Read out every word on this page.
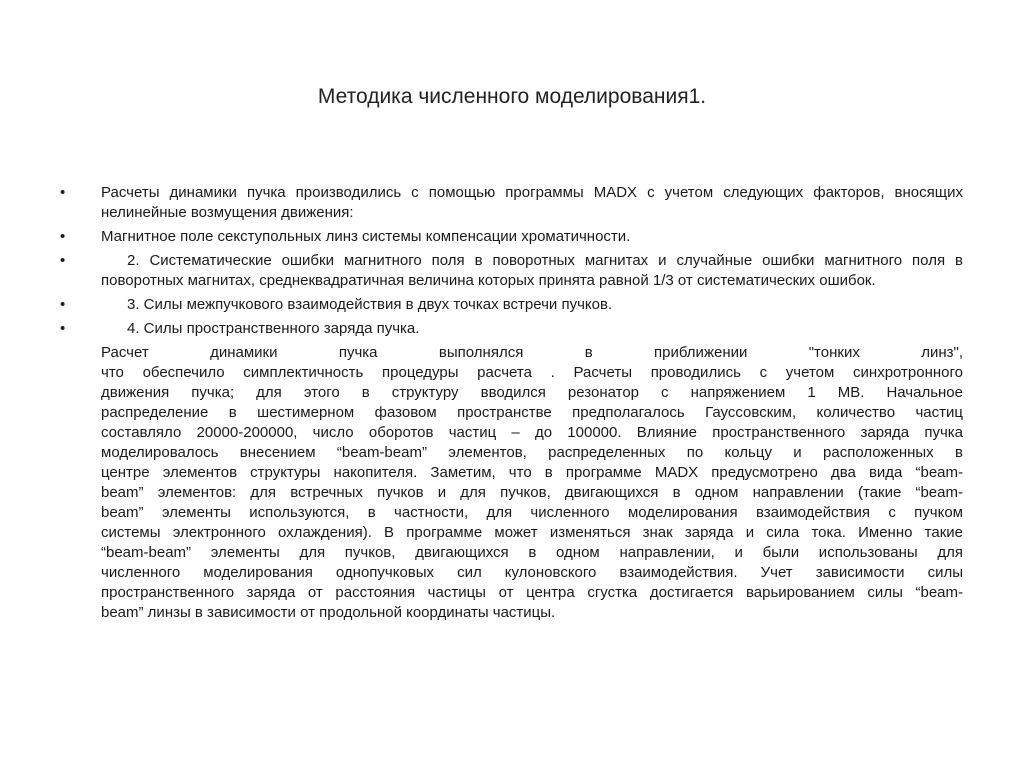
Методика численного моделирования1.
•	Расчеты динамики пучка производились с помощью программы MADX с учетом следующих факторов, вносящих нелинейные возмущения движения:
•	Магнитное поле секступольных линз системы компенсации хроматичности.
•	2. Систематические ошибки магнитного поля в поворотных магнитах и случайные ошибки магнитного поля в поворотных магнитах, среднеквадратичная величина которых принята равной 1/3 от систематических ошибок.
•	3. Силы межпучкового взаимодействия в двух точках встречи пучков.
•	4. Силы пространственного заряда пучка.
Расчет динамики пучка выполнялся в приближении "тонких линз",
что обеспечило симплектичность процедуры расчета . Расчеты проводились с учетом синхротронного
движения пучка; для этого в структуру вводился резонатор с напряжением 1 МВ. Начальное
распределение в шестимерном фазовом пространстве предполагалось Гауссовским, количество частиц
составляло 20000-200000, число оборотов частиц – до 100000. Влияние пространственного заряда пучка
моделировалось внесением “beam-beam” элементов, распределенных по кольцу и расположенных в
центре элементов структуры накопителя. Заметим, что в программе MADX предусмотрено два вида “beam-
beam” элементов: для встречных пучков и для пучков, двигающихся в одном направлении (такие “beam-
beam” элементы используются, в частности, для численного моделирования взаимодействия с пучком
системы электронного охлаждения). В программе может изменяться знак заряда и сила тока. Именно такие
“beam-beam” элементы для пучков, двигающихся в одном направлении, и были использованы для
численного моделирования однопучковых сил кулоновского взаимодействия. Учет зависимости силы
пространственного заряда от расстояния частицы от центра сгустка достигается варьированием силы “beam-
beam” линзы в зависимости от продольной координаты частицы.
